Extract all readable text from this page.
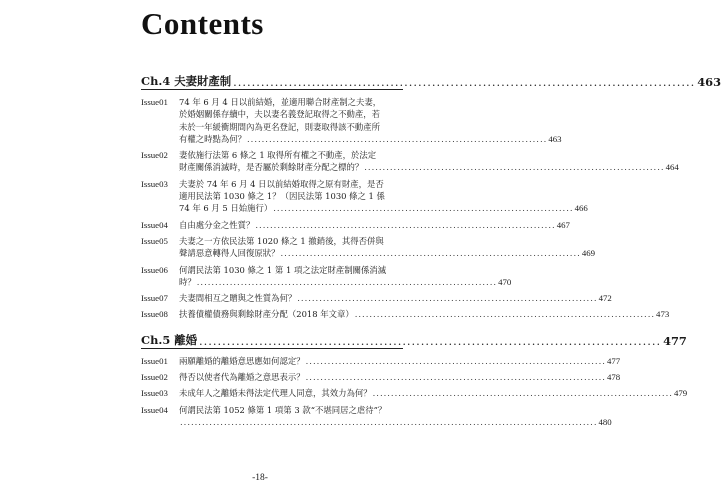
Contents
Ch.4 夫妻財產制 .................................................................................................... 463
Issue01	74 年 6 月 4 日以前結婚，並適用聯合財產制之夫妻，
於婚姻關係存續中，夫以妻名義登記取得之不動產，若
未於一年緩衝期間內為更名登記，則妻取得該不動產所
有權之時點為何？ .................................................................................. 463
Issue02	妻依施行法第 6 條之 1 取得所有權之不動產，於法定
財產關係消滅時，是否屬於剩餘財產分配之標的？ .................................................................................. 464
Issue03	夫妻於 74 年 6 月 4 日以前結婚取得之原有財產，是否
適用民法第 1030 條之 1？（因民法第 1030 條之 1 係
74 年 6 月 5 日始施行） .................................................................................. 466
Issue04	自由處分金之性質？ .................................................................................. 467
Issue05	夫妻之一方依民法第 1020 條之 1 撤銷後，其得否併與
聲請惡意轉得人回復原狀？ .................................................................................. 469
Issue06	何謂民法第 1030 條之 1 第 1 項之法定財產制關係消滅
時？ .................................................................................. 470
Issue07	夫妻間相互之贈與之性質為何？ .................................................................................. 472
Issue08	扶養債權債務與剩餘財產分配（2018 年文章） .................................................................................. 473
Ch.5 離婚 .................................................................................................... 477
Issue01	兩願離婚的離婚意思應如何認定？ .................................................................................. 477
Issue02	得否以使者代為離婚之意思表示？ .................................................................................. 478
Issue03	未成年人之離婚未得法定代理人同意，其效力為何？ .................................................................................. 479
Issue04	何謂民法第 1052 條第 1 項第 3 款“不堪同居之虐待”？
.................................................................................................................. 480
-18-
